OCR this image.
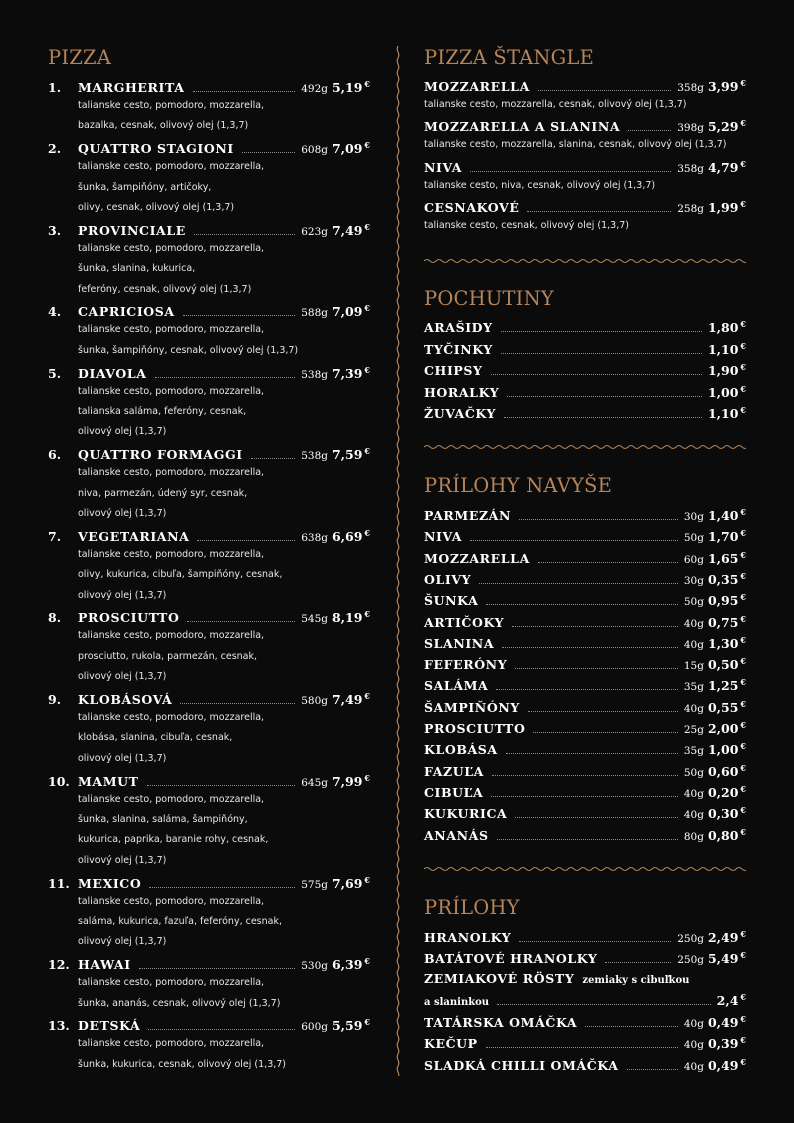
PIZZA
1.	MARGHERITA	492g 5,19 €

talianske cesto, pomodoro, mozzarella,

bazalka, cesnak, olivový olej (1,3,7)

2.	QUATTRO STAGIONI	608g 7,09 €

talianske cesto, pomodoro, mozzarella,

šunka, šampiňóny, artičoky,

olivy, cesnak, olivový olej (1,3,7)

3.	PROVINCIALE	623g 7,49 €

talianske cesto, pomodoro, mozzarella,

šunka, slanina, kukurica,

feferóny, cesnak, olivový olej (1,3,7)

4.	CAPRICIOSA	588g 7,09 €

talianske cesto, pomodoro, mozzarella,

šunka, šampiňóny, cesnak, olivový olej (1,3,7)

5.	DIAVOLA	538g 7,39 €

talianske cesto, pomodoro, mozzarella,

talianska saláma, feferóny, cesnak,

olivový olej (1,3,7)

6.	QUATTRO FORMAGGI	538g 7,59 €

talianske cesto, pomodoro, mozzarella,

niva, parmezán, údený syr, cesnak,

olivový olej (1,3,7)

7.	VEGETARIANA	638g 6,69 €

talianske cesto, pomodoro, mozzarella,

olivy, kukurica, cibuľa, šampiňóny, cesnak,

olivový olej (1,3,7)

8.	PROSCIUTTO	545g 8,19 €

talianske cesto, pomodoro, mozzarella,

prosciutto, rukola, parmezán, cesnak,

olivový olej (1,3,7)

9.	KLOBÁSOVÁ	580g 7,49 €

talianske cesto, pomodoro, mozzarella,

klobása, slanina, cibuľa, cesnak,

olivový olej (1,3,7)

10. MAMUT	645g 7,99 €

talianske cesto, pomodoro, mozzarella,

šunka, slanina, saláma, šampiňóny,

kukurica, paprika, baranie rohy, cesnak,

olivový olej (1,3,7)

11. MEXICO	575g 7,69 €

talianske cesto, pomodoro, mozzarella,

saláma, kukurica, fazuľa, feferóny, cesnak,

olivový olej (1,3,7)

12. HAWAI	530g 6,39 €

talianske cesto, pomodoro, mozzarella,

šunka, ananás, cesnak, olivový olej (1,3,7)

13. DETSKÁ	600g 5,59 €

talianske cesto, pomodoro, mozzarella,

šunka, kukurica, cesnak, olivový olej (1,3,7)

PIZZA ŠTANGLE
MOZZARELLA	358g 3,99 €

talianske cesto, mozzarella, cesnak, olivový olej (1,3,7)

MOZZARELLA A SLANINA	398g 5,29 €

talianske cesto, mozzarella, slanina, cesnak, olivový olej (1,3,7)

NIVA	358g 4,79 €

talianske cesto, niva, cesnak, olivový olej (1,3,7)

CESNAKOVÉ	258g 1,99 €

talianske cesto, cesnak, olivový olej (1,3,7)

POCHUTINY
ARAŠIDY	1,80 €
TYČINKY	1,10 €
CHIPSY	1,90 €
HORALKY	1,00 €
ŽUVAČKY	1,10 €
PRÍLOHY NAVYŠE
PARMEZÁN	30g 1,40 €
NIVA	50g 1,70 €
MOZZARELLA	60g 1,65 €
OLIVY	30g 0,35 €
ŠUNKA	50g 0,95 €
ARTIČOKY	40g 0,75 €
SLANINA	40g 1,30 €
FEFERÓNY	15g 0,50 €
SALÁMA	35g 1,25 €
ŠAMPIŇÓNY	40g 0,55 €
PROSCIUTTO	25g 2,00 €
KLOBÁSA	35g 1,00 €
FAZUĽA	50g 0,60 €
CIBUĽA	40g 0,20 €
KUKURICA	40g 0,30 €
ANANÁS	80g 0,80 €
PRÍLOHY
HRANOLKY	250g 2,49 €
BATÁTOVÉ HRANOLKY	250g 5,49 €
ZEMIAKOVÉ RÖSTY zemiaky s cibuľkou
a slaninkou	2,4 €
TATÁRSKA OMÁČKA	40g 0,49 €
KEČUP	40g 0,39 €
SLADKÁ CHILLI OMÁČKA	40g 0,49 €
